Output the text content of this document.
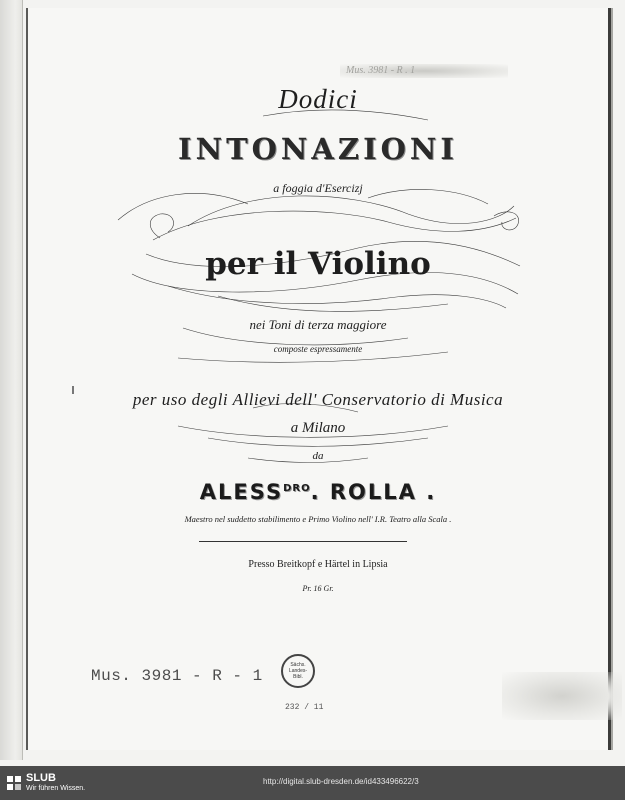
Mus. 3981 - R . 1
Dodici
INTONAZIONI
a foggia d'Esercizj
per il Violino
nei Toni di terza maggiore
composte espressamente
per uso degli Allievi dell' Conservatorio di Musica
a Milano
da
$ALESS^{DRO}$. ROLLA .
Maestro nel suddetto stabilimento e Primo Violino nell' I.R. Teatro alla Scala .
Presso Breitkopf e Härtel in Lipsia
Pr. 16 Gr.
Sächs.
Landes-
Bibl.
Mus. 3981 - R - 1
232 / 11
SLUB
Wir führen Wissen.
http://digital.slub-dresden.de/id433496622/3
